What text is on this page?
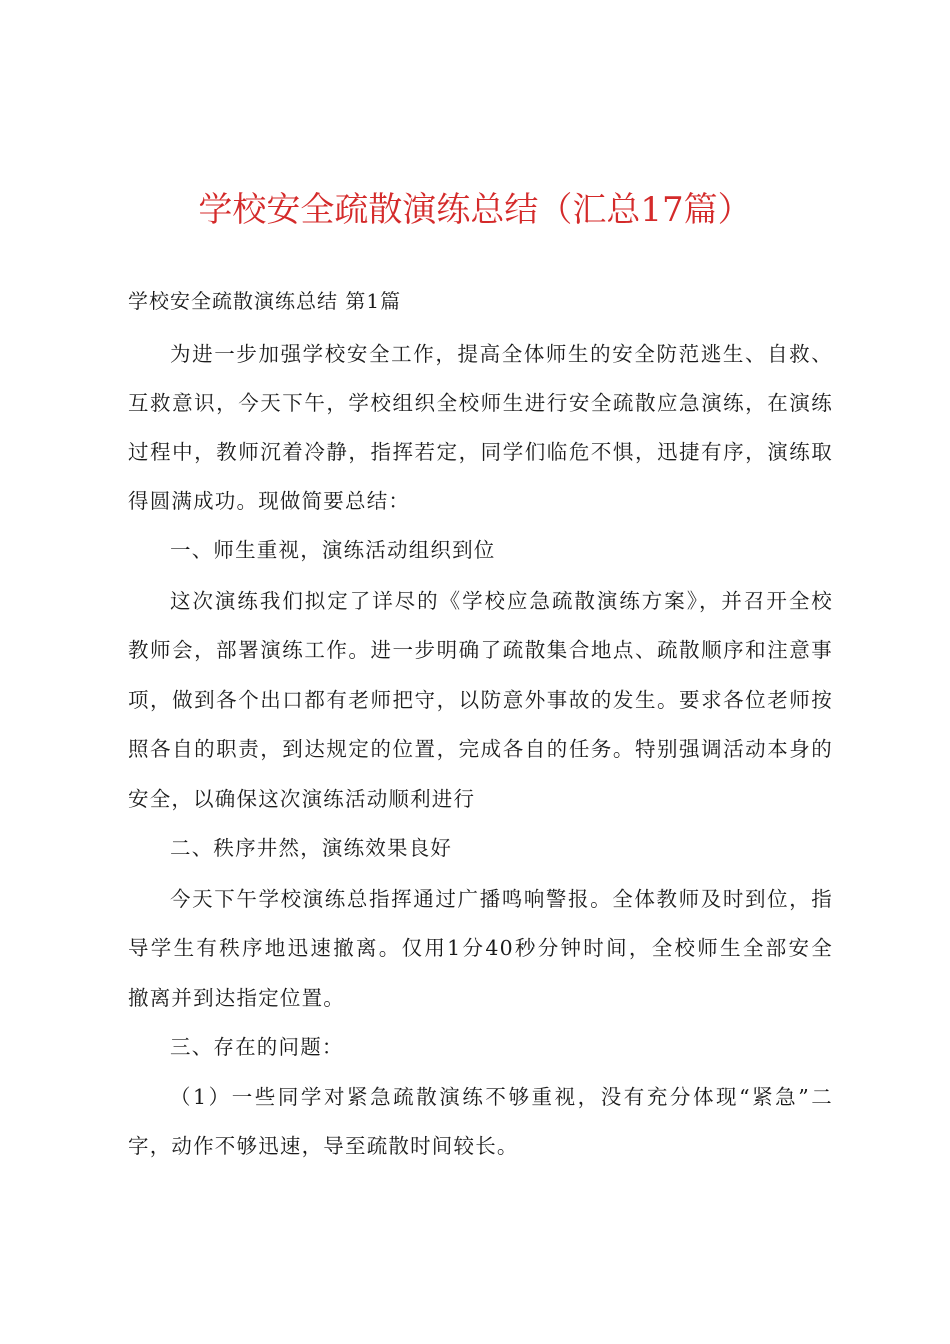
学校安全疏散演练总结（汇总17篇）
学校安全疏散演练总结 第1篇
为进一步加强学校安全工作，提高全体师生的安全防范逃生、自救、
互救意识，今天下午，学校组织全校师生进行安全疏散应急演练，在演练
过程中，教师沉着冷静，指挥若定，同学们临危不惧，迅捷有序，演练取
得圆满成功。现做简要总结：
一、师生重视，演练活动组织到位
这次演练我们拟定了详尽的《学校应急疏散演练方案》，并召开全校
教师会，部署演练工作。进一步明确了疏散集合地点、疏散顺序和注意事
项，做到各个出口都有老师把守，以防意外事故的发生。要求各位老师按
照各自的职责，到达规定的位置，完成各自的任务。特别强调活动本身的
安全，以确保这次演练活动顺利进行
二、秩序井然，演练效果良好
今天下午学校演练总指挥通过广播鸣响警报。全体教师及时到位，指
导学生有秩序地迅速撤离。仅用1分40秒分钟时间，全校师生全部安全
撤离并到达指定位置。
三、存在的问题：
（1）一些同学对紧急疏散演练不够重视，没有充分体现“紧急”二
字，动作不够迅速，导至疏散时间较长。
